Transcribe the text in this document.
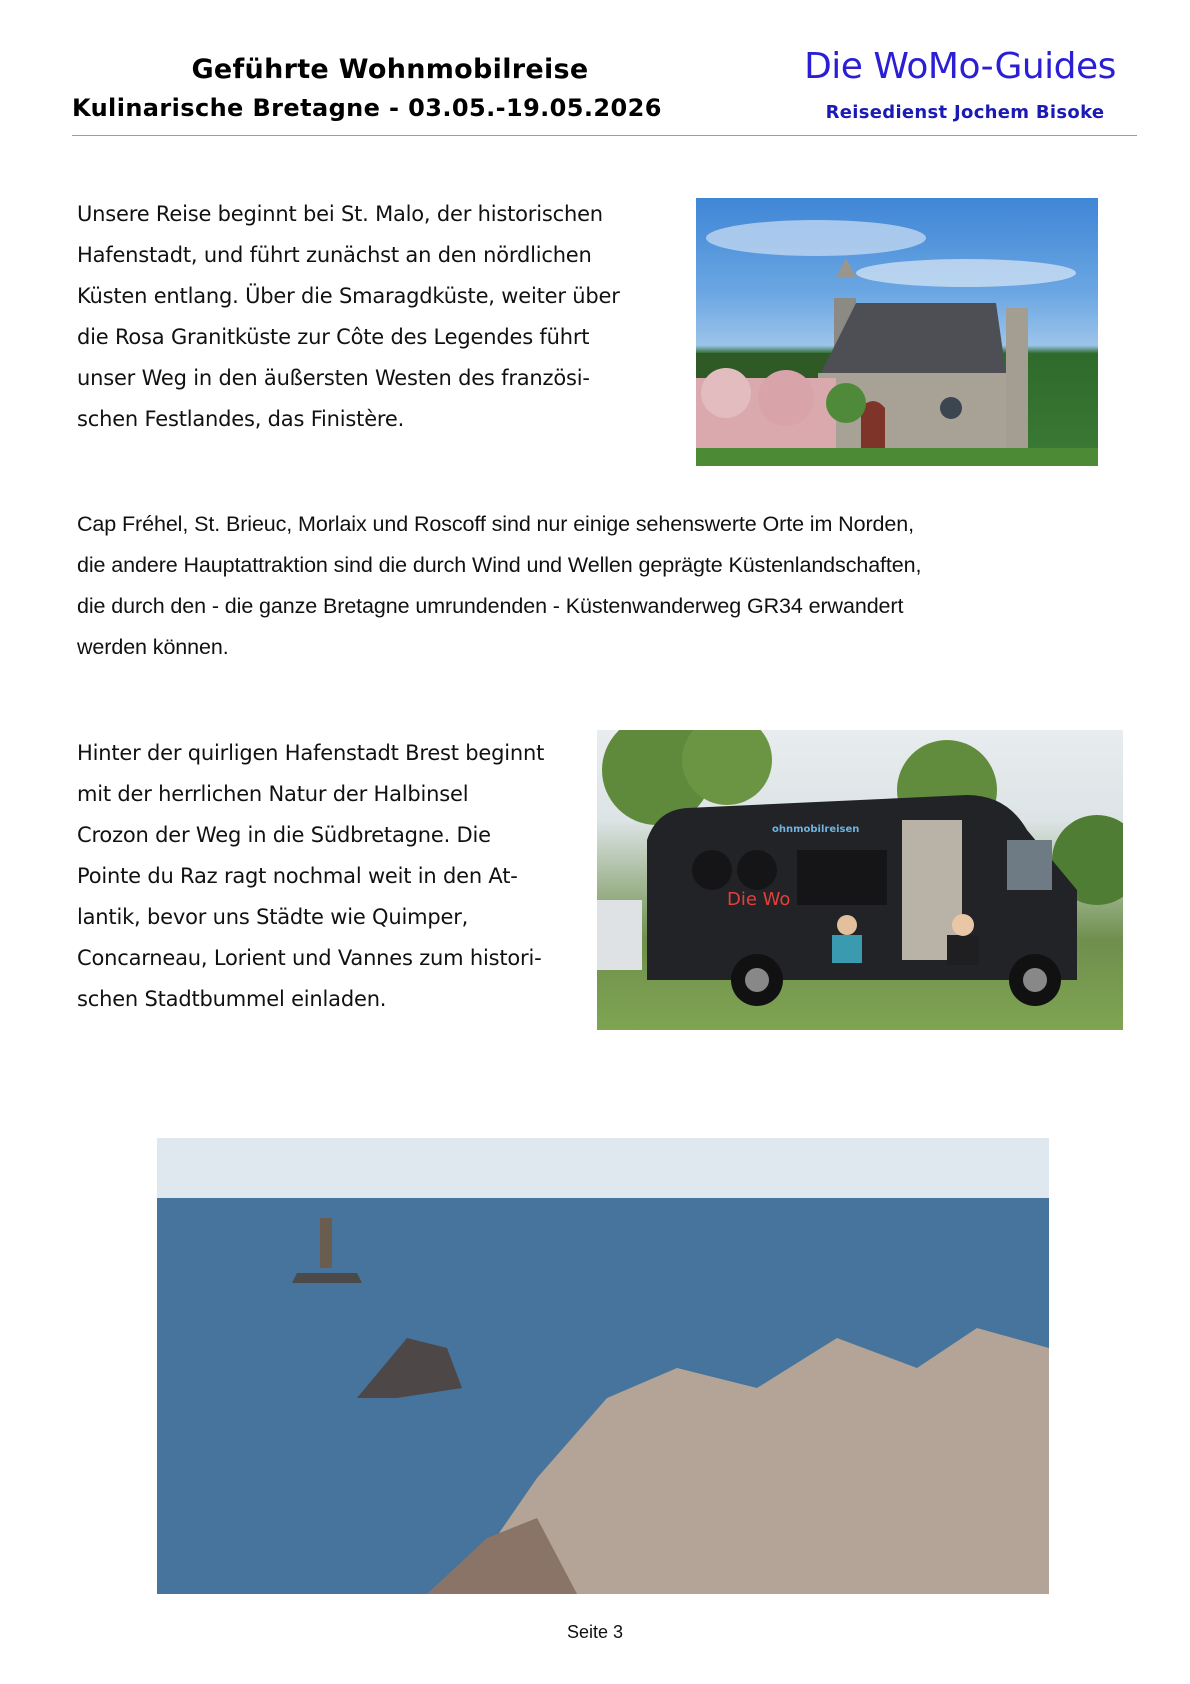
Geführte Wohnmobilreise
Kulinarische Bretagne - 03.05.-19.05.2026
Die WoMo-Guides
Reisedienst Jochem Bisoke
Unsere Reise beginnt bei St. Malo, der historischen
Hafenstadt, und führt zunächst an den nördlichen
Küsten entlang. Über die Smaragdküste, weiter über
die Rosa Granitküste zur Côte des Legendes führt
unser Weg in den äußersten Westen des französi-
schen Festlandes, das Finistère.
Cap Fréhel, St. Brieuc, Morlaix und Roscoff sind nur einige sehenswerte Orte im Norden,
die andere Hauptattraktion sind die durch Wind und Wellen geprägte Küstenlandschaften,
die durch den - die ganze Bretagne umrundenden - Küstenwanderweg GR34 erwandert
werden können.
Hinter der quirligen Hafenstadt Brest beginnt
mit der herrlichen Natur der Halbinsel
Crozon der Weg in die Südbretagne. Die
Pointe du Raz ragt nochmal weit in den At-
lantik, bevor uns Städte wie Quimper,
Concarneau, Lorient und Vannes zum histori-
schen Stadtbummel einladen.
Die Wo
ohnmobilreisen
Seite 3
